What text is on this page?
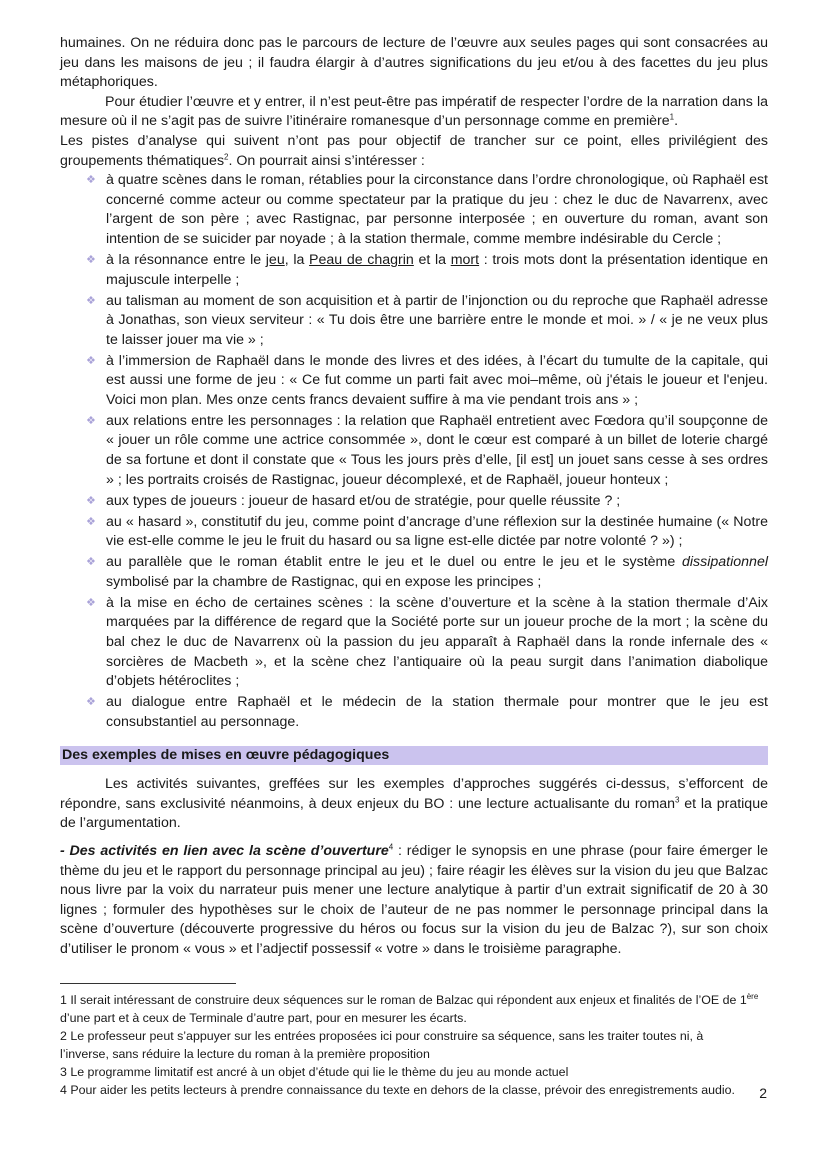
humaines. On ne réduira donc pas le parcours de lecture de l’œuvre aux seules pages qui sont consacrées au jeu dans les maisons de jeu ; il faudra élargir à d’autres significations du jeu et/ou à des facettes du jeu plus métaphoriques.

Pour étudier l’œuvre et y entrer, il n’est peut-être pas impératif de respecter l’ordre de la narration dans la mesure où il ne s’agit pas de suivre l’itinéraire romanesque d’un personnage comme en première$^1$.

Les pistes d’analyse qui suivent n’ont pas pour objectif de trancher sur ce point, elles privilégient des groupements thématiques$^2$. On pourrait ainsi s’intéresser :

❖ à quatre scènes dans le roman, rétablies pour la circonstance dans l’ordre chronologique, où Raphaël est concerné comme acteur ou comme spectateur par la pratique du jeu : chez le duc de Navarrenx, avec l’argent de son père ; avec Rastignac, par personne interposée ; en ouverture du roman, avant son intention de se suicider par noyade ; à la station thermale, comme membre indésirable du Cercle ;
❖ à la résonnance entre le jeu, la Peau de chagrin et la mort : trois mots dont la présentation identique en majuscule interpelle ;
❖ au talisman au moment de son acquisition et à partir de l’injonction ou du reproche que Raphaël adresse à Jonathas, son vieux serviteur : « Tu dois être une barrière entre le monde et moi. » / « je ne veux plus te laisser jouer ma vie » ;
❖ à l’immersion de Raphaël dans le monde des livres et des idées, à l’écart du tumulte de la capitale, qui est aussi une forme de jeu : « Ce fut comme un parti fait avec moi–même, où j'étais le joueur et l'enjeu. Voici mon plan. Mes onze cents francs devaient suffire à ma vie pendant trois ans » ;
❖ aux relations entre les personnages : la relation que Raphaël entretient avec Fœdora qu’il soupçonne de « jouer un rôle comme une actrice consommée », dont le cœur est comparé à un billet de loterie chargé de sa fortune et dont il constate que « Tous les jours près d’elle, [il est] un jouet sans cesse à ses ordres » ; les portraits croisés de Rastignac, joueur décomplexé, et de Raphaël, joueur honteux ;
❖ aux types de joueurs : joueur de hasard et/ou de stratégie, pour quelle réussite ? ;
❖ au « hasard », constitutif du jeu, comme point d’ancrage d’une réflexion sur la destinée humaine (« Notre vie est-elle comme le jeu le fruit du hasard ou sa ligne est-elle dictée par notre volonté ? ») ;
❖ au parallèle que le roman établit entre le jeu et le duel ou entre le jeu et le système dissipationnel symbolisé par la chambre de Rastignac, qui en expose les principes ;
❖ à la mise en écho de certaines scènes : la scène d’ouverture et la scène à la station thermale d’Aix marquées par la différence de regard que la Société porte sur un joueur proche de la mort ; la scène du bal chez le duc de Navarrenx où la passion du jeu apparaît à Raphaël dans la ronde infernale des « sorcières de Macbeth », et la scène chez l’antiquaire où la peau surgit dans l’animation diabolique d’objets hétéroclites ;
❖ au dialogue entre Raphaël et le médecin de la station thermale pour montrer que le jeu est consubstantiel au personnage.
Des exemples de mises en œuvre pédagogiques

Les activités suivantes, greffées sur les exemples d’approches suggérés ci-dessus, s’efforcent de répondre, sans exclusivité néanmoins, à deux enjeux du BO : une lecture actualisante du roman$^3$ et la pratique de l’argumentation.

- Des activités en lien avec la scène d’ouverture$^4$ : rédiger le synopsis en une phrase (pour faire émerger le thème du jeu et le rapport du personnage principal au jeu) ; faire réagir les élèves sur la vision du jeu que Balzac nous livre par la voix du narrateur puis mener une lecture analytique à partir d’un extrait significatif de 20 à 30 lignes ; formuler des hypothèses sur le choix de l’auteur de ne pas nommer le personnage principal dans la scène d’ouverture (découverte progressive du héros ou focus sur la vision du jeu de Balzac ?), sur son choix d’utiliser le pronom « vous » et l’adjectif possessif « votre » dans le troisième paragraphe.

1 Il serait intéressant de construire deux séquences sur le roman de Balzac qui répondent aux enjeux et finalités de l’OE de 1ère d’une part et à ceux de Terminale d’autre part, pour en mesurer les écarts.

2 Le professeur peut s’appuyer sur les entrées proposées ici pour construire sa séquence, sans les traiter toutes ni, à
l’inverse, sans réduire la lecture du roman à la première proposition

3 Le programme limitatif est ancré à un objet d’étude qui lie le thème du jeu au monde actuel

4 Pour aider les petits lecteurs à prendre connaissance du texte en dehors de la classe, prévoir des enregistrements audio.	2
